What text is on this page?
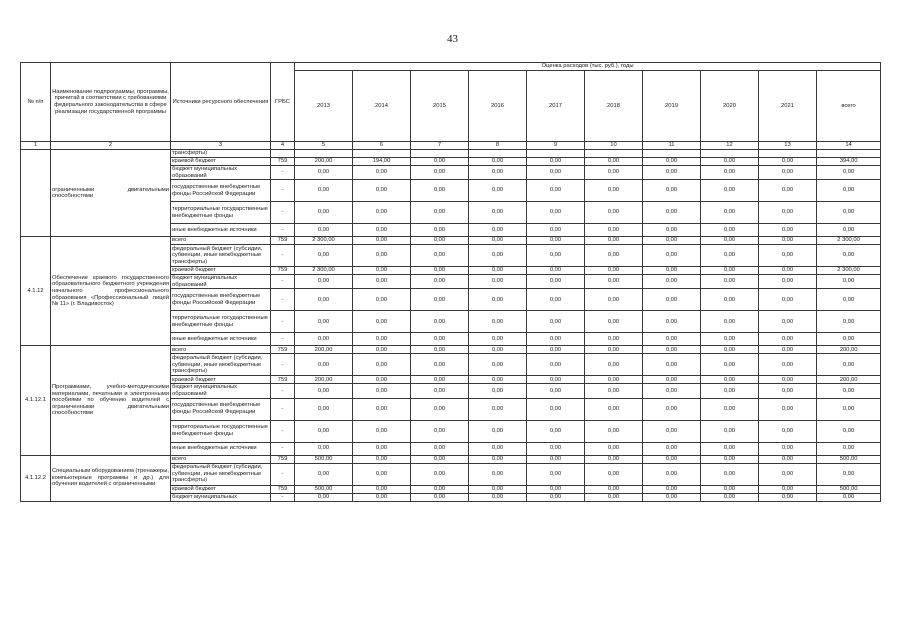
43
№ п/п	Наименование подпрограммы, программы, причитай в соответствии с требованиями федерального законодательства в сфере реализации государственной программы	Источники ресурсного обеспечения	ГРБС	Оценка расходов (тыс. руб.), годы									
				2013	2014	2015	2016	2017	2018	2019	2020	2021	всего
1	2	3	4	5	6	7	8	9	10	11	12	13	14
	ограниченными двигательными способностями	трансферты)											
		краевой бюджет	759	200,00	194,00	0,00	0,00	0,00	0,00	0,00	0,00	0,00	394,00
		бюджет муниципальных образований	-	0,00	0,00	0,00	0,00	0,00	0,00	0,00	0,00	0,00	0,00
		государственные внебюджетные фонды Российской Федерации	-	0,00	0,00	0,00	0,00	0,00	0,00	0,00	0,00	0,00	0,00
		территориальные государственные внебюджетные фонды	-	0,00	0,00	0,00	0,00	0,00	0,00	0,00	0,00	0,00	0,00
		иные внебюджетные источники	-	0,00	0,00	0,00	0,00	0,00	0,00	0,00	0,00	0,00	0,00
4.1.12	Обеспечение краевого государственного образовательного бюджетного учреждения начального профессионального образования «Профессиональный лицей № 11» (г. Владивосток)	всего	759	2 300,00	0,00	0,00	0,00	0,00	0,00	0,00	0,00	0,00	2 300,00
		федеральный бюджет (субсидии, субвенции, иные межбюджетные трансферты)	-	0,00	0,00	0,00	0,00	0,00	0,00	0,00	0,00	0,00	0,00
		краевой бюджет	759	2 300,00	0,00	0,00	0,00	0,00	0,00	0,00	0,00	0,00	2 300,00
		бюджет муниципальных образований	-	0,00	0,00	0,00	0,00	0,00	0,00	0,00	0,00	0,00	0,00
		государственные внебюджетные фонды Российской Федерации	-	0,00	0,00	0,00	0,00	0,00	0,00	0,00	0,00	0,00	0,00
		территориальные государственные внебюджетные фонды	-	0,00	0,00	0,00	0,00	0,00	0,00	0,00	0,00	0,00	0,00
		иные внебюджетные источники	-	0,00	0,00	0,00	0,00	0,00	0,00	0,00	0,00	0,00	0,00
4.1.12.1	Программами, учебно-методическими материалами, печатными и электронными пособиями по обучению водителей с ограниченными двигательными способностями	всего	759	200,00	0,00	0,00	0,00	0,00	0,00	0,00	0,00	0,00	200,00
		федеральный бюджет (субсидии, субвенции, иные межбюджетные трансферты)	-	0,00	0,00	0,00	0,00	0,00	0,00	0,00	0,00	0,00	0,00
		краевой бюджет	759	200,00	0,00	0,00	0,00	0,00	0,00	0,00	0,00	0,00	200,00
		бюджет муниципальных образований	-	0,00	0,00	0,00	0,00	0,00	0,00	0,00	0,00	0,00	0,00
		государственные внебюджетные фонды Российской Федерации	-	0,00	0,00	0,00	0,00	0,00	0,00	0,00	0,00	0,00	0,00
		территориальные государственные внебюджетные фонды	-	0,00	0,00	0,00	0,00	0,00	0,00	0,00	0,00	0,00	0,00
		иные внебюджетные источники	-	0,00	0,00	0,00	0,00	0,00	0,00	0,00	0,00	0,00	0,00
4.1.12.2	Специальным оборудованием (тренажеры, компьютерные программы и др.) для обучения водителей с ограниченными	всего	759	500,00	0,00	0,00	0,00	0,00	0,00	0,00	0,00	0,00	500,00
		федеральный бюджет (субсидии, субвенции, иные межбюджетные трансферты)	-	0,00	0,00	0,00	0,00	0,00	0,00	0,00	0,00	0,00	0,00
		краевой бюджет	759	500,00	0,00	0,00	0,00	0,00	0,00	0,00	0,00	0,00	500,00
		бюджет муниципальных	-	0,00	0,00	0,00	0,00	0,00	0,00	0,00	0,00	0,00	0,00
